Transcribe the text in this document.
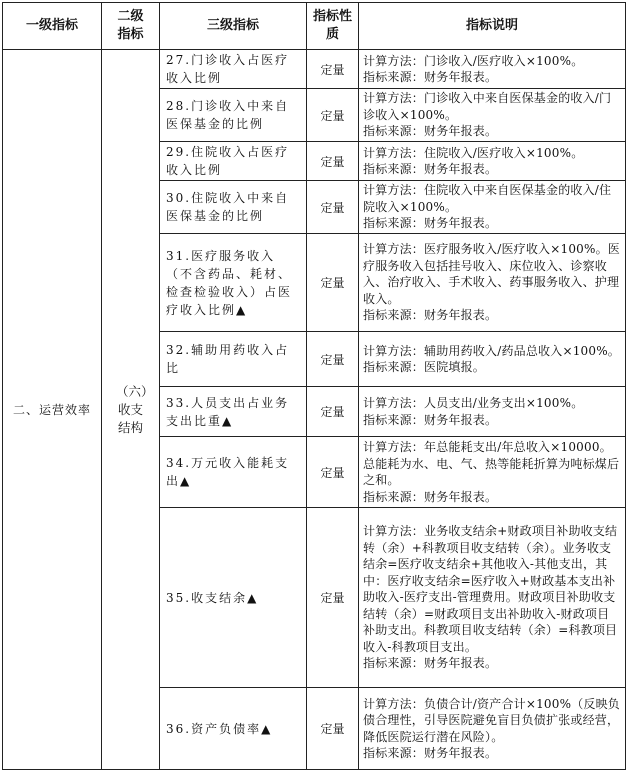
一级指标	二级指标	三级指标	指标性质	指标说明
二、运营效率	（六）收支结构	27.门诊收入占医疗收入比例	定量	计算方法：门诊收入/医疗收入×100%。
指标来源：财务年报表。

		28.门诊收入中来自医保基金的比例	定量	计算方法：门诊收入中来自医保基金的收入/门诊收入×100%。
指标来源：财务年报表。

		29.住院收入占医疗收入比例	定量	计算方法：住院收入/医疗收入×100%。
指标来源：财务年报表。

		30.住院收入中来自医保基金的比例	定量	计算方法：住院收入中来自医保基金的收入/住院收入×100%。
指标来源：财务年报表。

		31.医疗服务收入（不含药品、耗材、检查检验收入）占医疗收入比例▲	定量	计算方法：医疗服务收入/医疗收入×100%。医疗服务收入包括挂号收入、床位收入、诊察收入、治疗收入、手术收入、药事服务收入、护理收入。
指标来源：财务年报表。

		32.辅助用药收入占比	定量	计算方法：辅助用药收入/药品总收入×100%。
指标来源：医院填报。

		33.人员支出占业务支出比重▲	定量	计算方法：人员支出/业务支出×100%。
指标来源：财务年报表。

		34.万元收入能耗支出▲	定量	计算方法：年总能耗支出/年总收入×10000。总能耗为水、电、气、热等能耗折算为吨标煤后之和。
指标来源：财务年报表。

		35.收支结余▲	定量	计算方法：业务收支结余+财政项目补助收支结转（余）+科教项目收支结转（余）。业务收支结余=医疗收支结余+其他收入-其他支出，其中：医疗收支结余=医疗收入+财政基本支出补助收入-医疗支出-管理费用。财政项目补助收支结转（余）=财政项目支出补助收入-财政项目补助支出。科教项目收支结转（余）=科教项目收入-科教项目支出。
指标来源：财务年报表。

		36.资产负债率▲	定量	计算方法：负债合计/资产合计×100%（反映负债合理性，引导医院避免盲目负债扩张或经营，降低医院运行潜在风险）。
指标来源：财务年报表。
